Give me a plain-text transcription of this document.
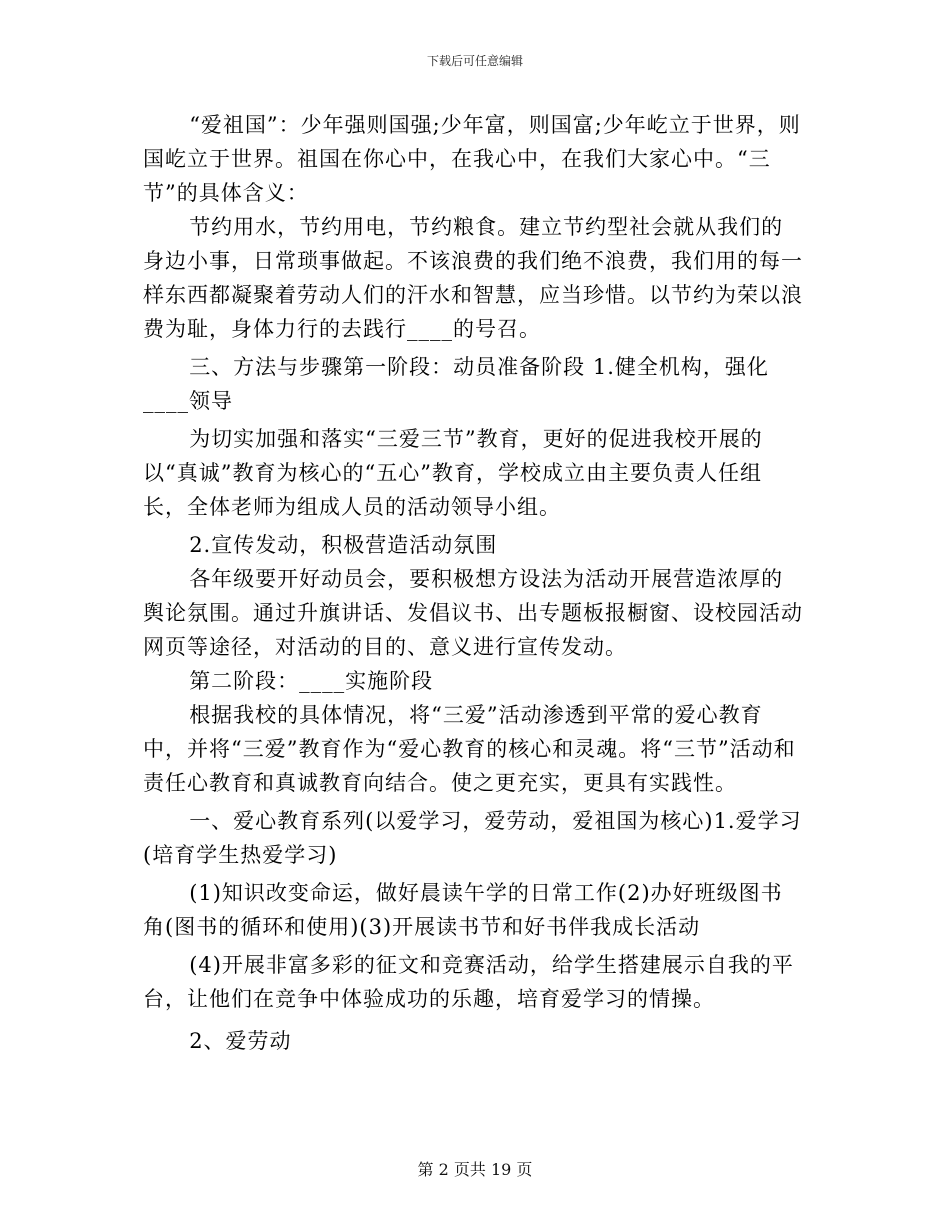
下载后可任意编辑

“爱祖国”：少年强则国强;少年富，则国富;少年屹立于世界，则国屹立于世界。祖国在你心中，在我心中，在我们大家心中。“三节”的具体含义：

节约用水，节约用电，节约粮食。建立节约型社会就从我们的身边小事，日常琐事做起。不该浪费的我们绝不浪费，我们用的每一样东西都凝聚着劳动人们的汗水和智慧，应当珍惜。以节约为荣以浪费为耻，身体力行的去践行____的号召。

三、方法与步骤第一阶段：动员准备阶段 1.健全机构，强化____领导

为切实加强和落实“三爱三节”教育，更好的促进我校开展的以“真诚”教育为核心的“五心”教育，学校成立由主要负责人任组长，全体老师为组成人员的活动领导小组。

2.宣传发动，积极营造活动氛围

各年级要开好动员会，要积极想方设法为活动开展营造浓厚的舆论氛围。通过升旗讲话、发倡议书、出专题板报橱窗、设校园活动网页等途径，对活动的目的、意义进行宣传发动。

第二阶段：____实施阶段

根据我校的具体情况，将“三爱”活动渗透到平常的爱心教育中，并将“三爱”教育作为“爱心教育的核心和灵魂。将“三节”活动和责任心教育和真诚教育向结合。使之更充实，更具有实践性。

一、爱心教育系列(以爱学习，爱劳动，爱祖国为核心)1.爱学习(培育学生热爱学习)

(1)知识改变命运，做好晨读午学的日常工作(2)办好班级图书角(图书的循环和使用)(3)开展读书节和好书伴我成长活动

(4)开展非富多彩的征文和竞赛活动，给学生搭建展示自我的平台，让他们在竞争中体验成功的乐趣，培育爱学习的情操。

2、爱劳动

第 2 页共 19 页
